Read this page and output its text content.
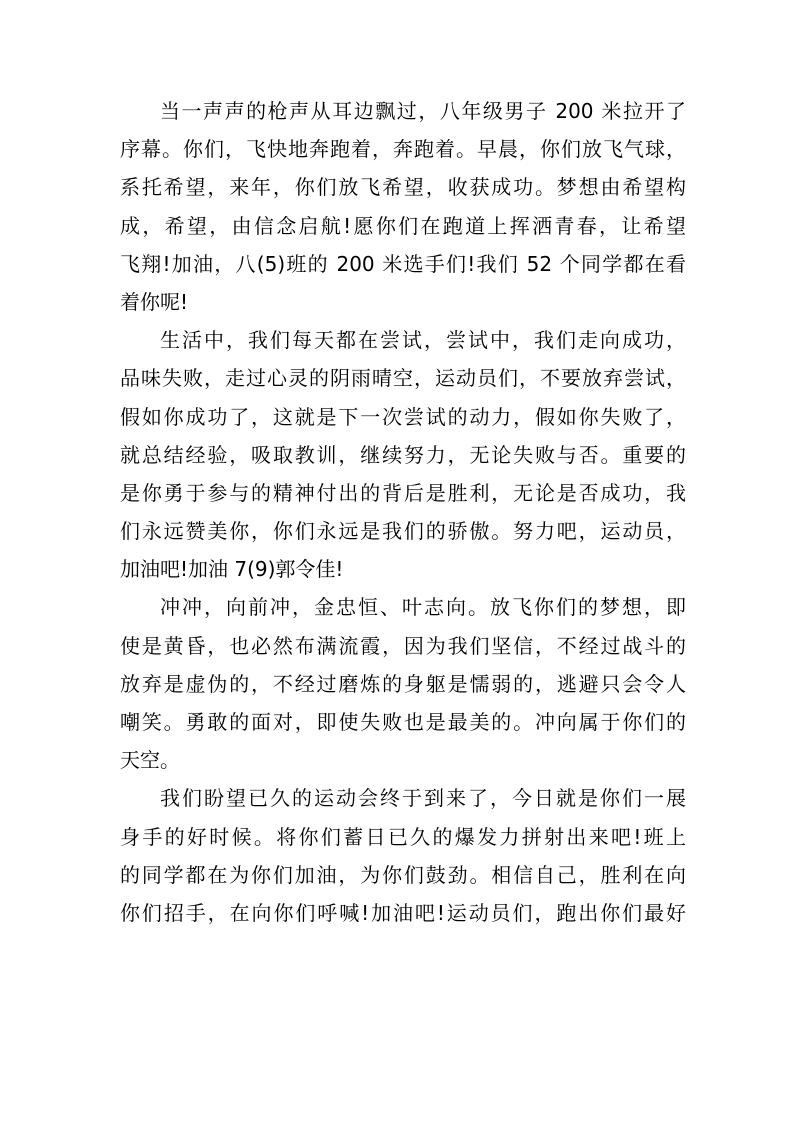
当一声声的枪声从耳边飘过，八年级男子 200 米拉开了
序幕。你们，飞快地奔跑着，奔跑着。早晨，你们放飞气球，
系托希望，来年，你们放飞希望，收获成功。梦想由希望构
成，希望，由信念启航!愿你们在跑道上挥洒青春，让希望
飞翔!加油，八(5)班的 200 米选手们!我们 52 个同学都在看
着你呢!
生活中，我们每天都在尝试，尝试中，我们走向成功，
品味失败，走过心灵的阴雨晴空，运动员们，不要放弃尝试，
假如你成功了，这就是下一次尝试的动力，假如你失败了，
就总结经验，吸取教训，继续努力，无论失败与否。重要的
是你勇于参与的精神付出的背后是胜利，无论是否成功，我
们永远赞美你，你们永远是我们的骄傲。努力吧，运动员，
加油吧!加油 7(9)郭令佳!
冲冲，向前冲，金忠恒、叶志向。放飞你们的梦想，即
使是黄昏，也必然布满流霞，因为我们坚信，不经过战斗的
放弃是虚伪的，不经过磨炼的身躯是懦弱的，逃避只会令人
嘲笑。勇敢的面对，即使失败也是最美的。冲向属于你们的
天空。
我们盼望已久的运动会终于到来了，今日就是你们一展
身手的好时候。将你们蓄日已久的爆发力拼射出来吧!班上
的同学都在为你们加油，为你们鼓劲。相信自己，胜利在向
你们招手，在向你们呼喊!加油吧!运动员们，跑出你们最好
